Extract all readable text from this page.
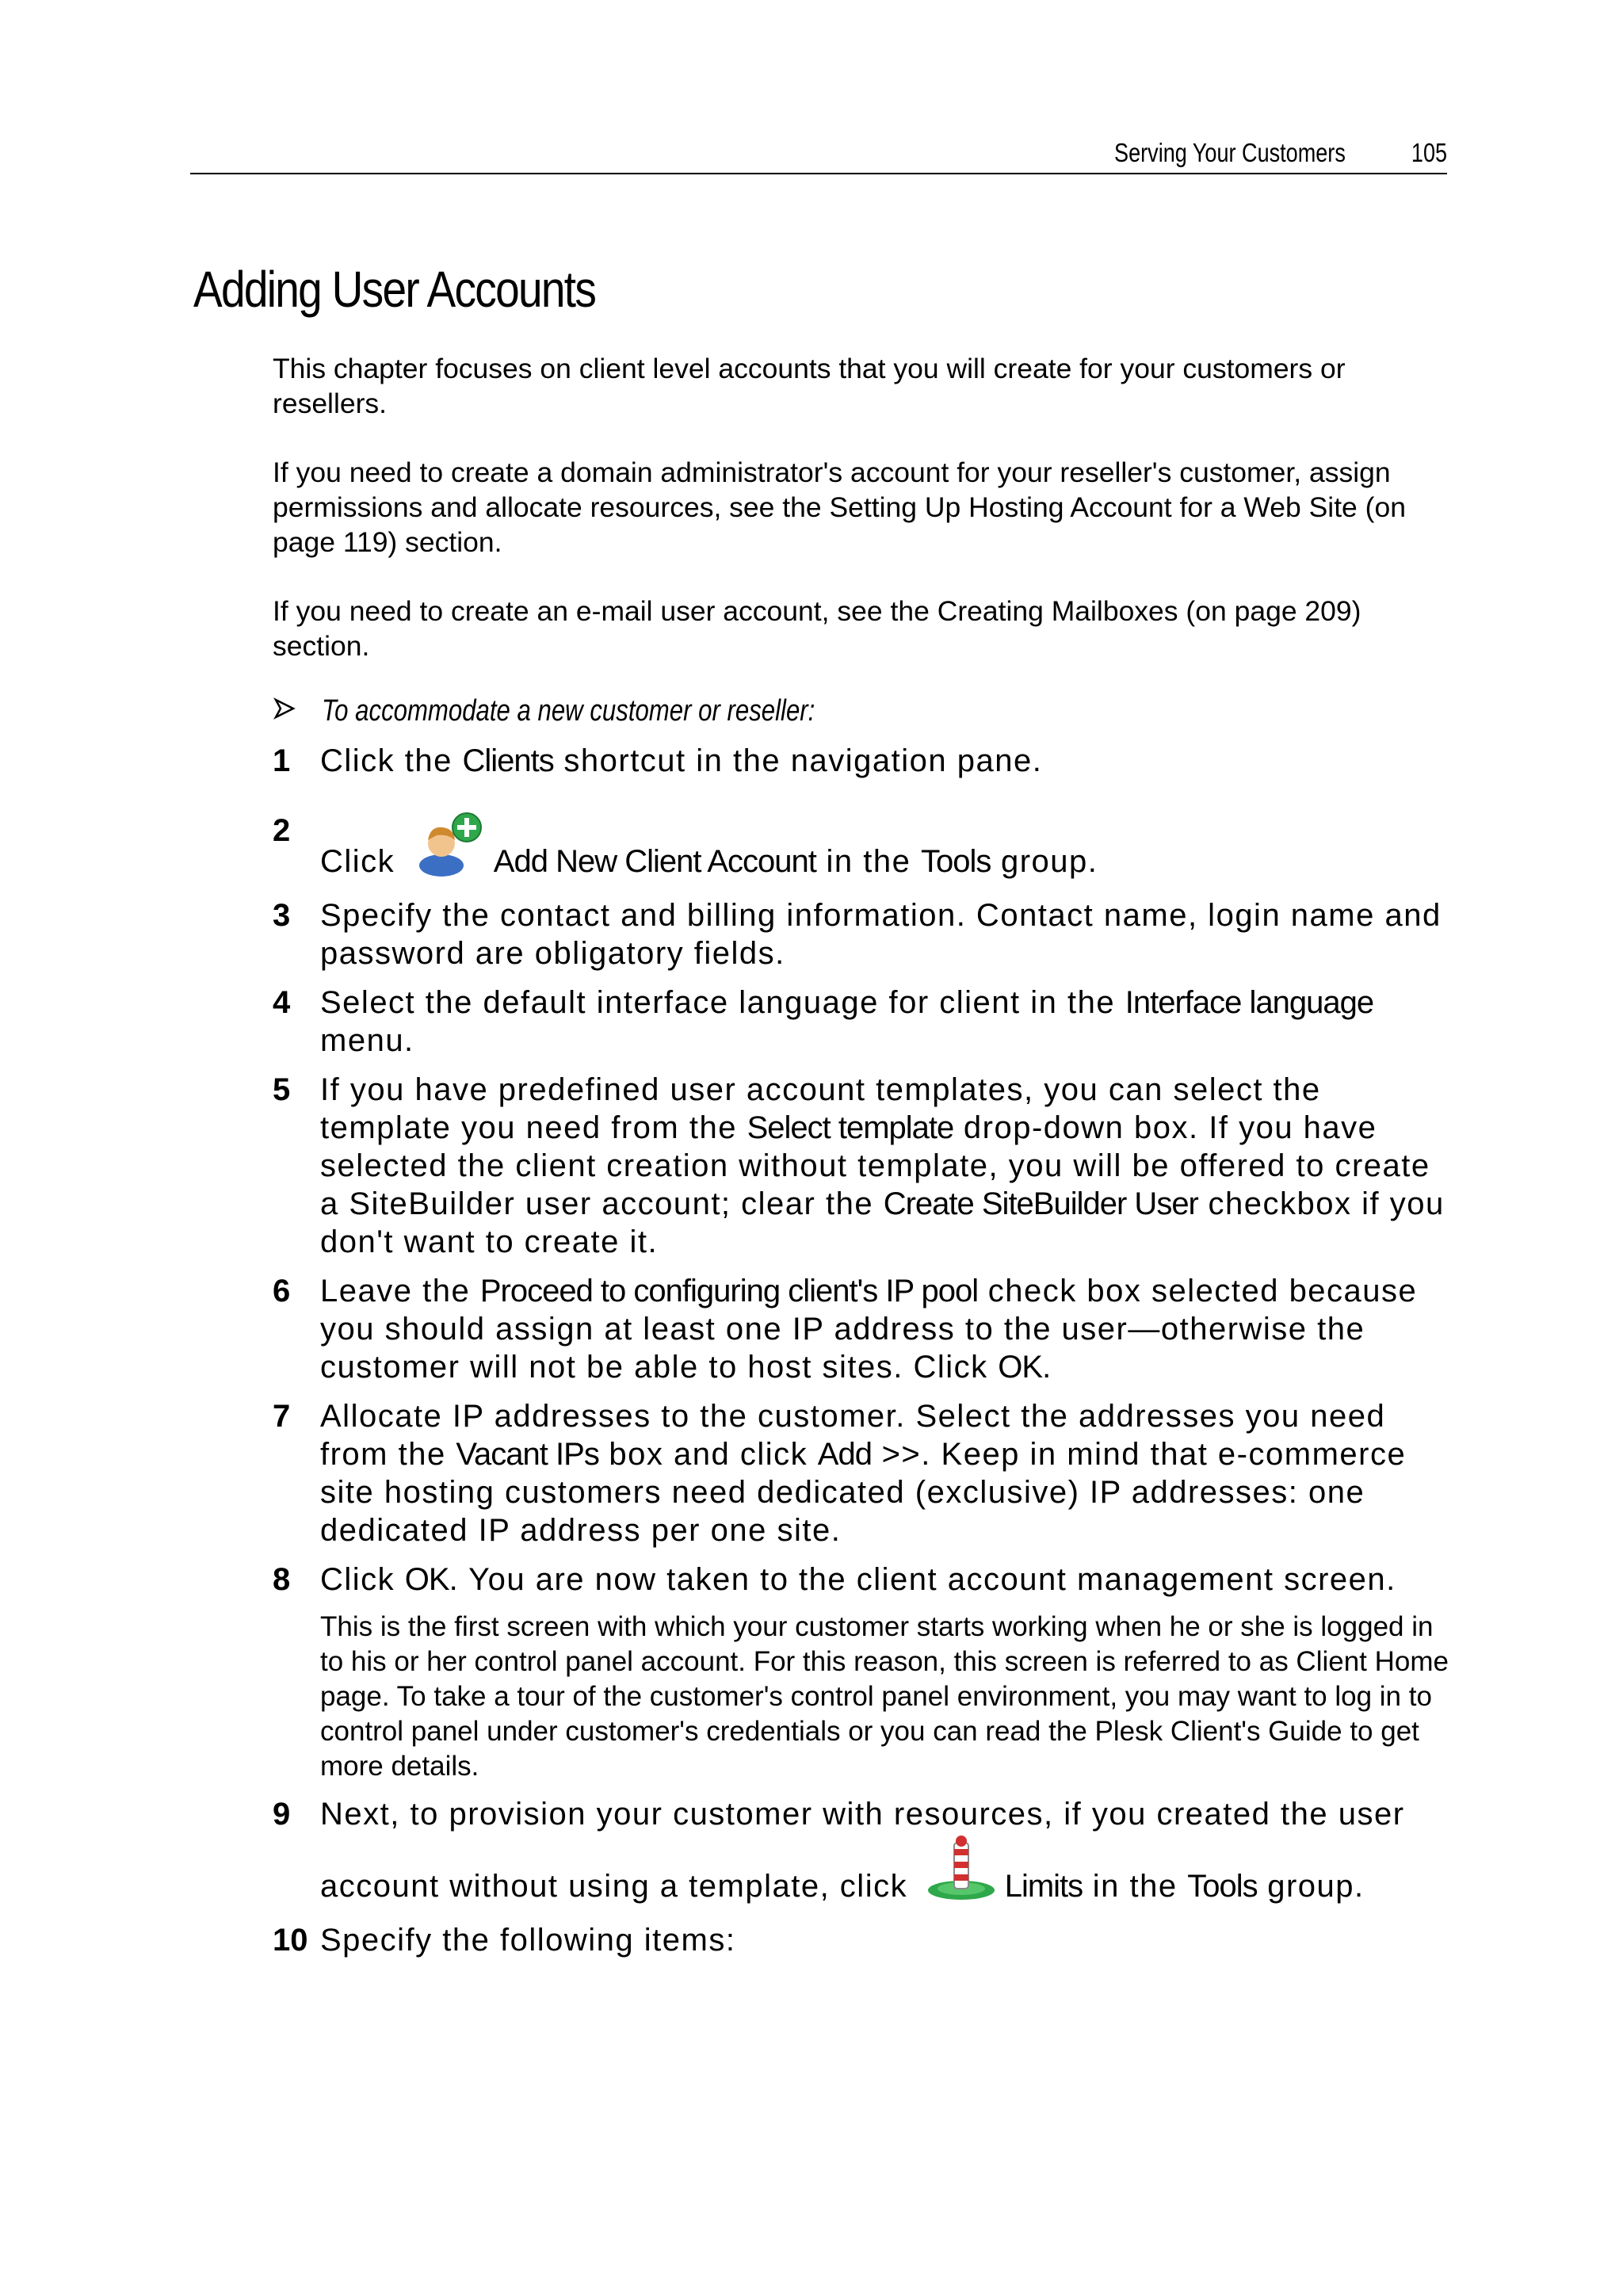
Serving Your Customers	105
Adding User Accounts
This chapter focuses on client level accounts that you will create for your customers or resellers.
If you need to create a domain administrator's account for your reseller's customer, assign permissions and allocate resources, see the Setting Up Hosting Account for a Web Site (on page 119) section.
If you need to create an e-mail user account, see the Creating Mailboxes (on page 209) section.
To accommodate a new customer or reseller:
1 Click the Clients shortcut in the navigation pane.
2
Click	Add New Client Account in the Tools group.
3 Specify the contact and billing information. Contact name, login name and password are obligatory fields.
4 Select the default interface language for client in the Interface language menu.
5 If you have predefined user account templates, you can select the template you need from the Select template drop-down box. If you have selected the client creation without template, you will be offered to create a SiteBuilder user account; clear the Create SiteBuilder User checkbox if you don't want to create it.
6 Leave the Proceed to configuring client's IP pool check box selected because you should assign at least one IP address to the user—otherwise the customer will not be able to host sites. Click OK.
7 Allocate IP addresses to the customer. Select the addresses you need from the Vacant IPs box and click Add >>. Keep in mind that e-commerce site hosting customers need dedicated (exclusive) IP addresses: one dedicated IP address per one site.
8 Click OK. You are now taken to the client account management screen.
This is the first screen with which your customer starts working when he or she is logged in to his or her control panel account. For this reason, this screen is referred to as Client Home page. To take a tour of the customer's control panel environment, you may want to log in to control panel under customer's credentials or you can read the Plesk Client's Guide to get more details.
9 Next, to provision your customer with resources, if you created the user account without using a template, click	Limits in the Tools group.
10 Specify the following items:
